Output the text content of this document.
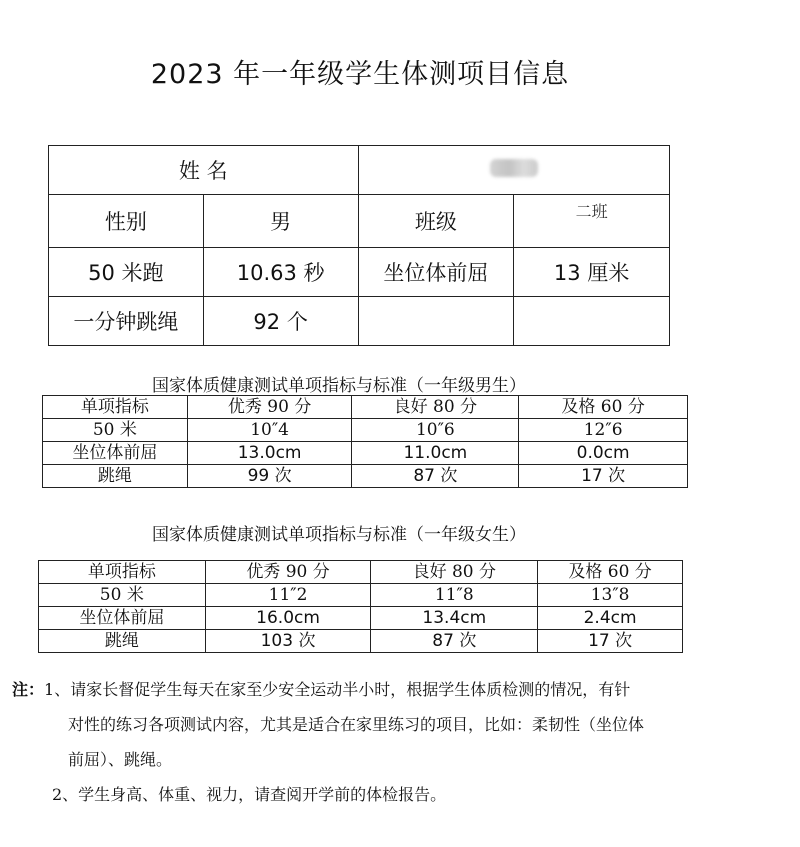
2023 年一年级学生体测项目信息
姓 名			
性别	男	班级	二班
50 米跑	10.63 秒	坐位体前屈	13 厘米
一分钟跳绳	92 个		
国家体质健康测试单项指标与标准（一年级男生）
单项指标	优秀 90 分	良好 80 分	及格 60 分
50 米	10″4	10″6	12″6
坐位体前屈	13.0cm	11.0cm	0.0cm
跳绳	99 次	87 次	17 次
国家体质健康测试单项指标与标准（一年级女生）
单项指标	优秀 90 分	良好 80 分	及格 60 分
50 米	11″2	11″8	13″8
坐位体前屈	16.0cm	13.4cm	2.4cm
跳绳	103 次	87 次	17 次
注：1、请家长督促学生每天在家至少安全运动半小时，根据学生体质检测的情况，有针
对性的练习各项测试内容，尤其是适合在家里练习的项目，比如：柔韧性（坐位体
前屈）、跳绳。
2、学生身高、体重、视力，请查阅开学前的体检报告。
